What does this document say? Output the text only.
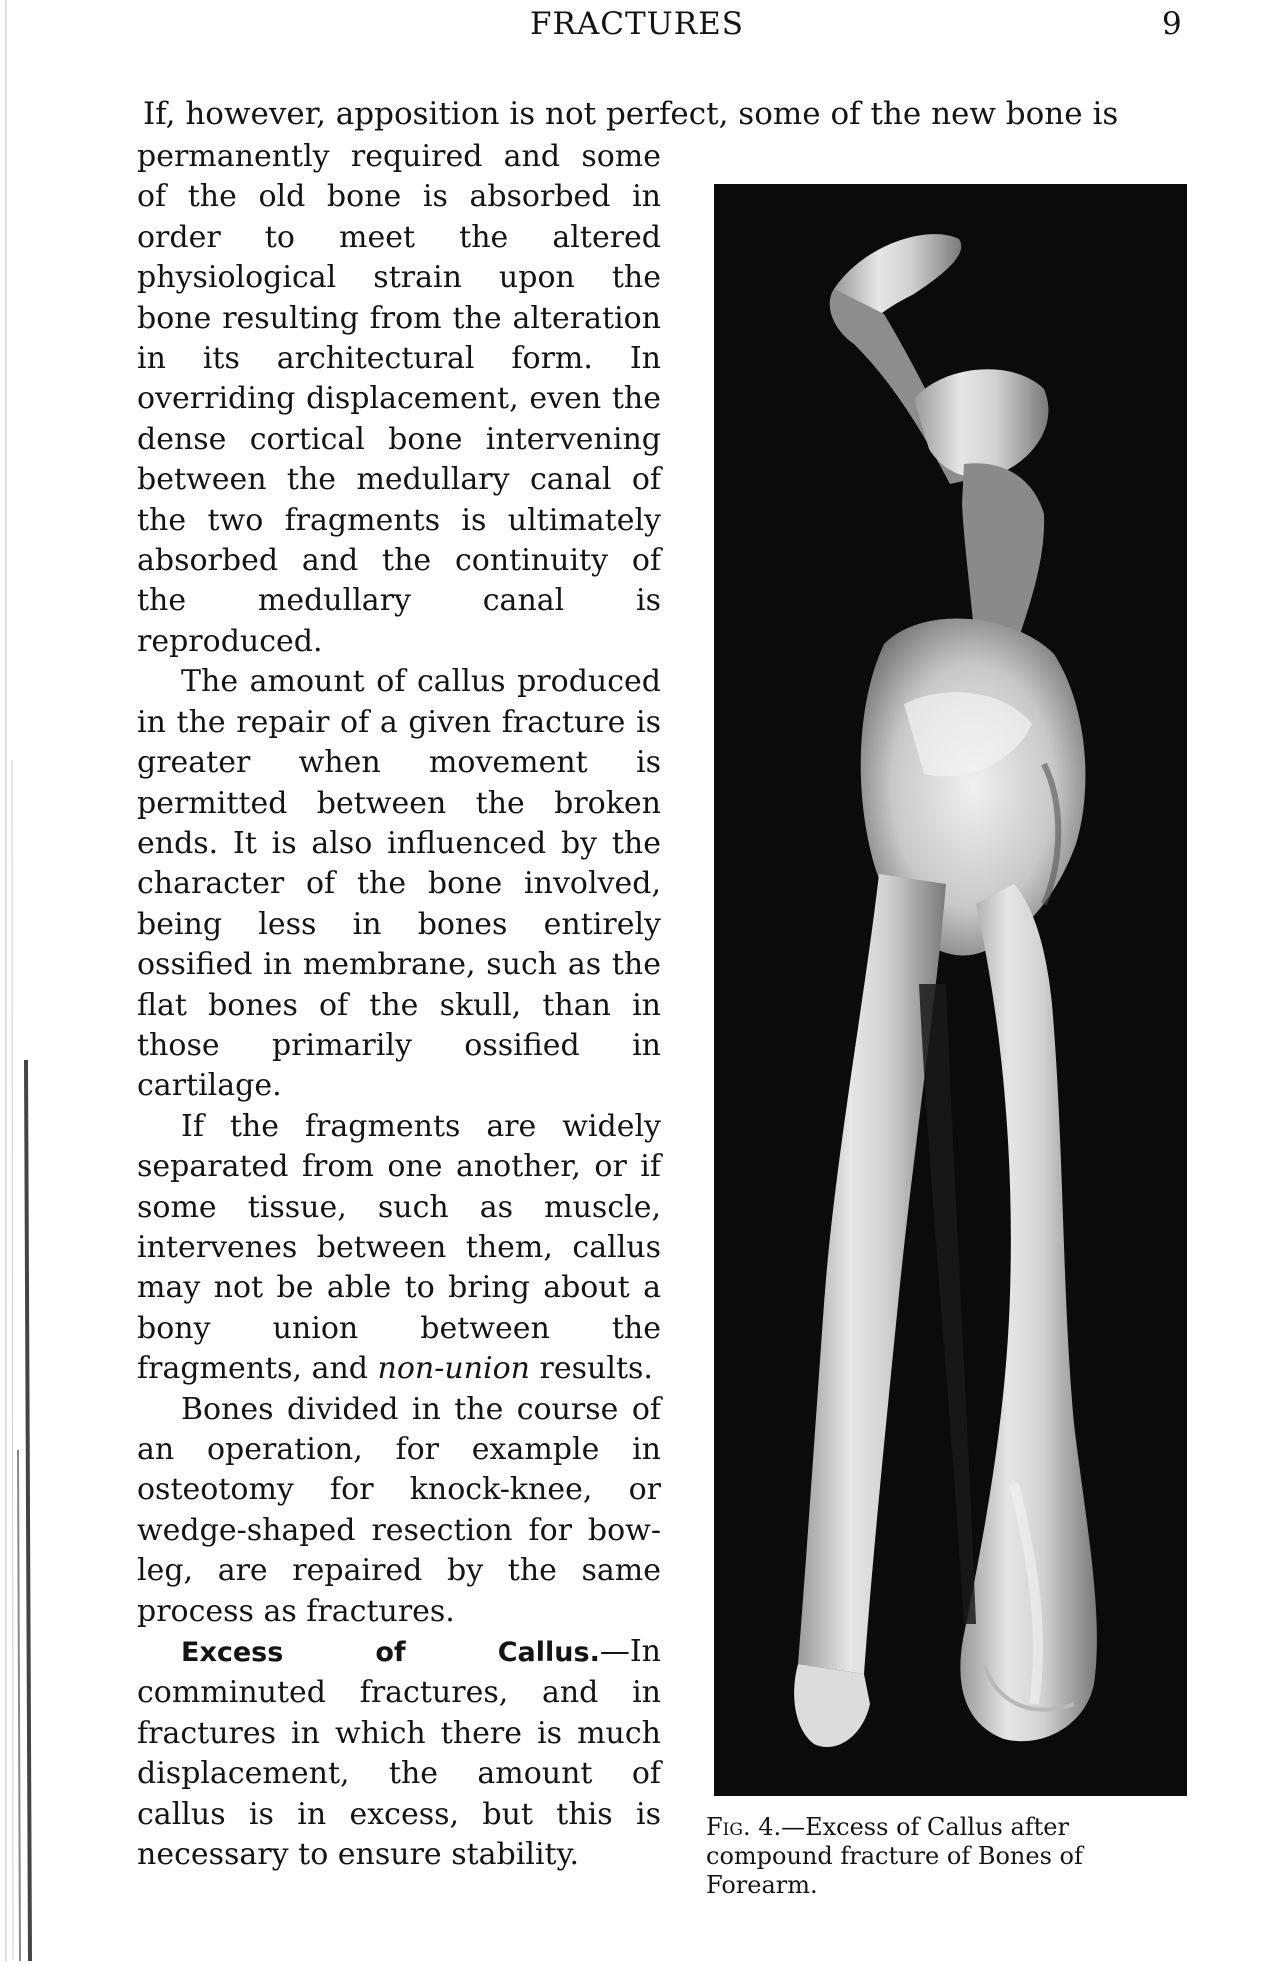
FRACTURES	9
If, however, apposition is not perfect, some of the new bone is

permanently required and some of the old bone is absorbed in order to meet the altered physiological strain upon the bone resulting from the alteration in its architectural form. In overriding displacement, even the dense cortical bone intervening between the medullary canal of the two fragments is ultimately absorbed and the continuity of the medullary canal is reproduced.

The amount of callus produced in the repair of a given fracture is greater when movement is permitted between the broken ends. It is also influenced by the character of the bone involved, being less in bones entirely ossified in membrane, such as the flat bones of the skull, than in those primarily ossified in cartilage.

If the fragments are widely separated from one another, or if some tissue, such as muscle, intervenes between them, callus may not be able to bring about a bony union between the fragments, and non-union results.

Bones divided in the course of an operation, for example in osteotomy for knock-knee, or wedge-shaped resection for bow-leg, are repaired by the same process as fractures.

Excess of Callus.—In comminuted fractures, and in fractures in which there is much displacement, the amount of callus is in excess, but this is necessary to ensure stability.

Fig. 4.—Excess of Callus after compound fracture of Bones of Forearm.
